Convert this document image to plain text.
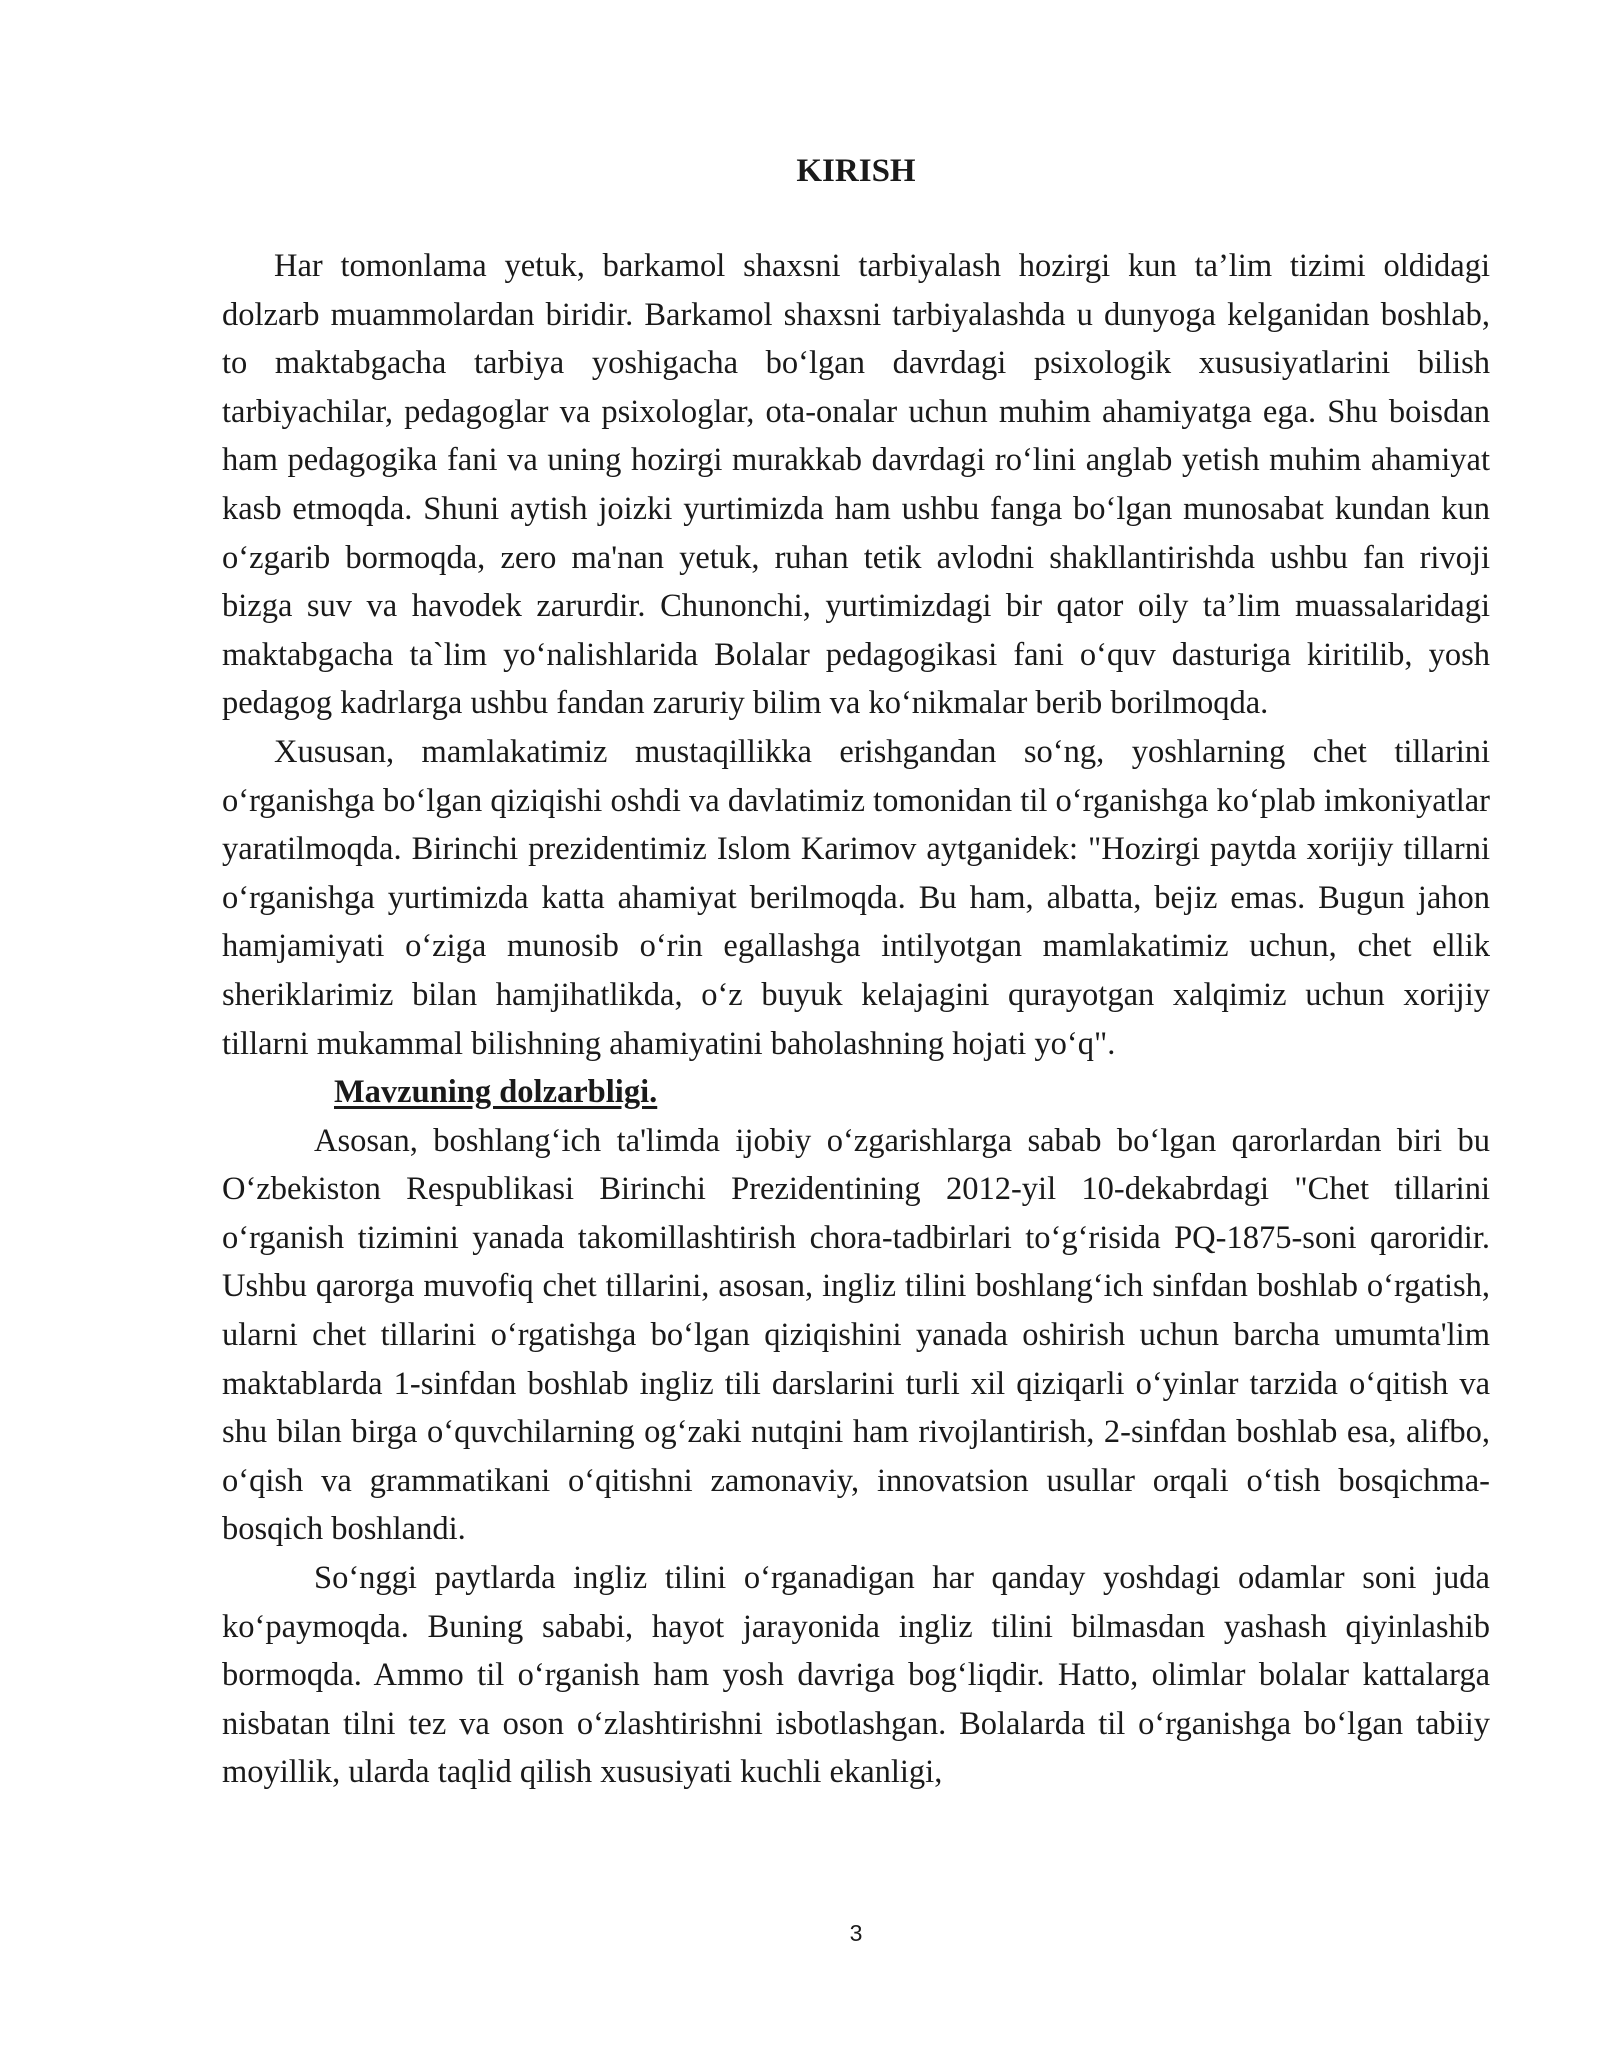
KIRISH

Har tomonlama yetuk, barkamol shaxsni tarbiyalash hozirgi kun ta’lim tizimi oldidagi dolzarb muammolardan biridir. Barkamol shaxsni tarbiyalashda u dunyoga kelganidan boshlab, to maktabgacha tarbiya yoshigacha bo‘lgan davrdagi psixologik xususiyatlarini bilish tarbiyachilar, pedagoglar va psixologlar, ota-onalar uchun muhim ahamiyatga ega. Shu boisdan ham pedagogika fani va uning hozirgi murakkab davrdagi ro‘lini anglab yetish muhim ahamiyat kasb etmoqda. Shuni aytish joizki yurtimizda ham ushbu fanga bo‘lgan munosabat kundan kun o‘zgarib bormoqda, zero ma'nan yetuk, ruhan tetik avlodni shakllantirishda ushbu fan rivoji bizga suv va havodek zarurdir. Chunonchi, yurtimizdagi bir qator oily ta’lim muassalaridagi maktabgacha ta`lim yo‘nalishlarida Bolalar pedagogikasi fani o‘quv dasturiga kiritilib, yosh pedagog kadrlarga ushbu fandan zaruriy bilim va ko‘nikmalar berib borilmoqda.

Xususan, mamlakatimiz mustaqillikka erishgandan so‘ng, yoshlarning chet tillarini o‘rganishga bo‘lgan qiziqishi oshdi va davlatimiz tomonidan til o‘rganishga ko‘plab imkoniyatlar yaratilmoqda. Birinchi prezidentimiz Islom Karimov aytganidek: "Hozirgi paytda xorijiy tillarni o‘rganishga yurtimizda katta ahamiyat berilmoqda. Bu ham, albatta, bejiz emas. Bugun jahon hamjamiyati o‘ziga munosib o‘rin egallashga intilyotgan mamlakatimiz uchun, chet ellik sheriklarimiz bilan hamjihatlikda, o‘z buyuk kelajagini qurayotgan xalqimiz uchun xorijiy tillarni mukammal bilishning ahamiyatini baholashning hojati yo‘q".

Mavzuning dolzarbligi.

Asosan, boshlang‘ich ta'limda ijobiy o‘zgarishlarga sabab bo‘lgan qarorlardan biri bu O‘zbekiston Respublikasi Birinchi Prezidentining 2012-yil 10-dekabrdagi "Chet tillarini o‘rganish tizimini yanada takomillashtirish chora-tadbirlari to‘g‘risida PQ-1875-soni qaroridir. Ushbu qarorga muvofiq chet tillarini, asosan, ingliz tilini boshlang‘ich sinfdan boshlab o‘rgatish, ularni chet tillarini o‘rgatishga bo‘lgan qiziqishini yanada oshirish uchun barcha umumta'lim maktablarda 1-sinfdan boshlab ingliz tili darslarini turli xil qiziqarli o‘yinlar tarzida o‘qitish va shu bilan birga o‘quvchilarning og‘zaki nutqini ham rivojlantirish, 2-sinfdan boshlab esa, alifbo, o‘qish va grammatikani o‘qitishni zamonaviy, innovatsion usullar orqali o‘tish bosqichma-bosqich boshlandi.

So‘nggi paytlarda ingliz tilini o‘rganadigan har qanday yoshdagi odamlar soni juda ko‘paymoqda. Buning sababi, hayot jarayonida ingliz tilini bilmasdan yashash qiyinlashib bormoqda. Ammo til o‘rganish ham yosh davriga bog‘liqdir. Hatto, olimlar bolalar kattalarga nisbatan tilni tez va oson o‘zlashtirishni isbotlashgan. Bolalarda til o‘rganishga bo‘lgan tabiiy moyillik, ularda taqlid qilish xususiyati kuchli ekanligi,

3
